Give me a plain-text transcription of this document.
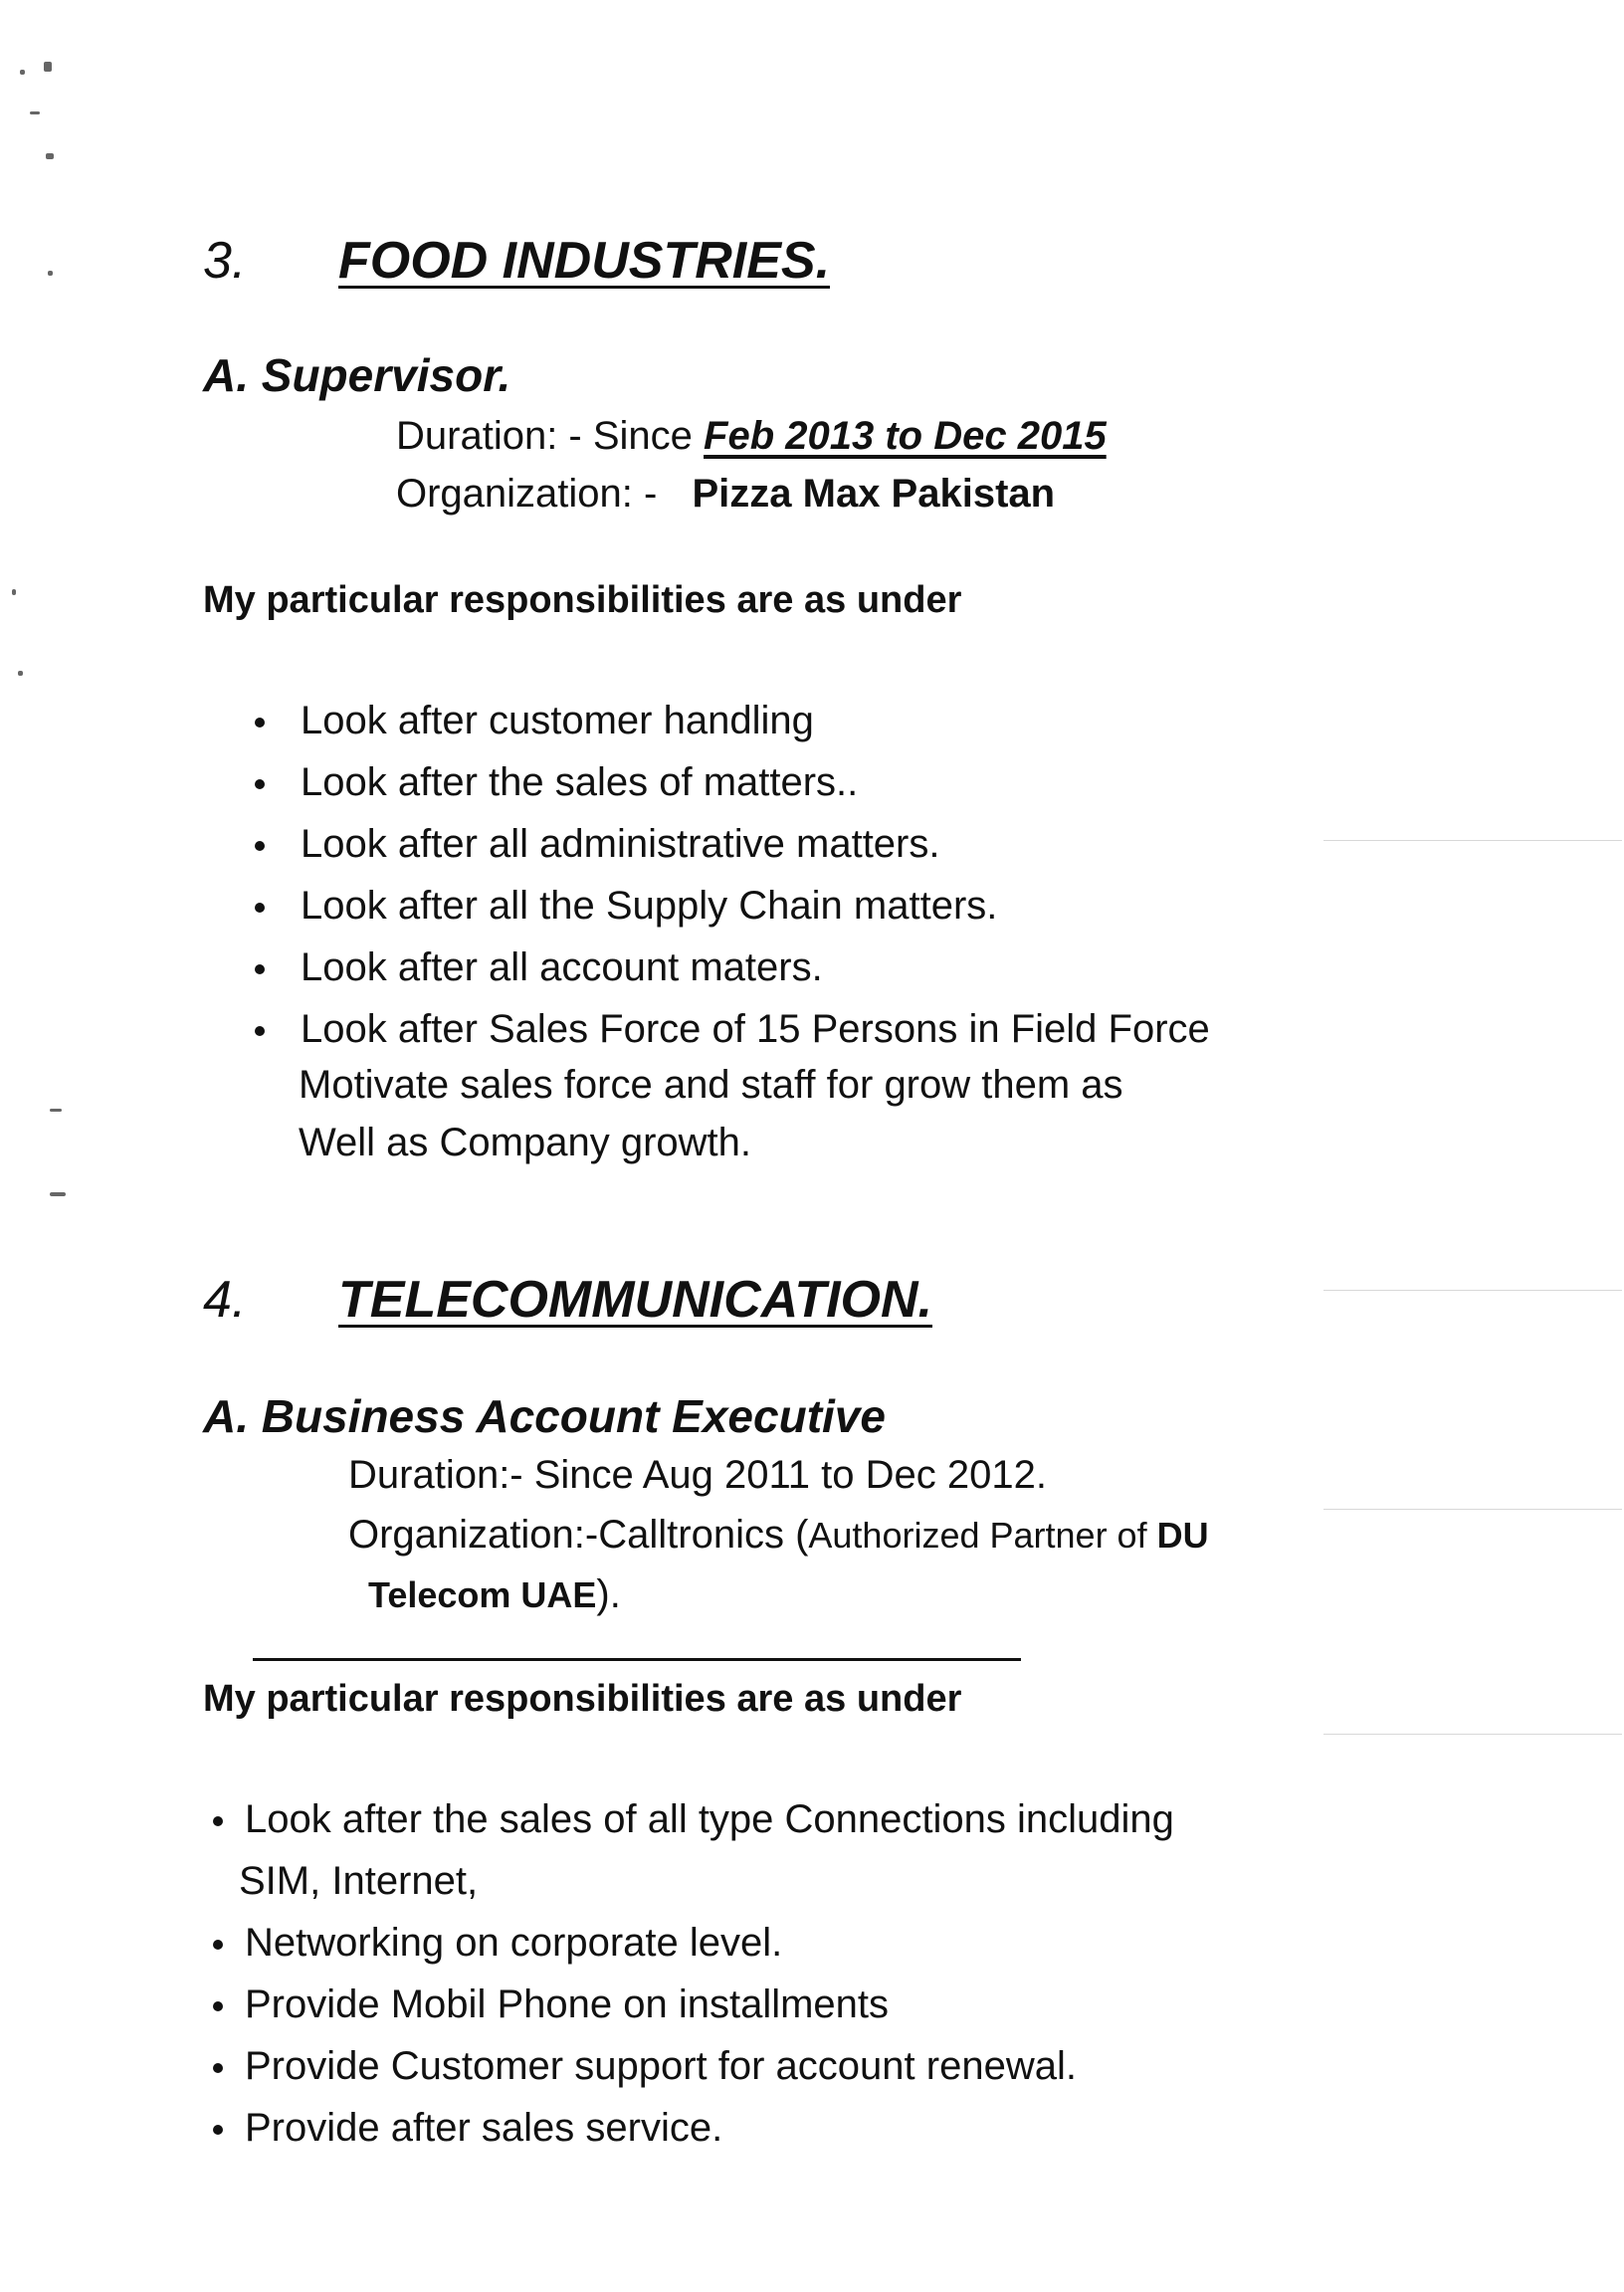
3. FOOD INDUSTRIES.
A. Supervisor.
Duration: - Since Feb 2013 to Dec 2015
Organization: - Pizza Max Pakistan
My particular responsibilities are as under
Look after customer handling
Look after the sales of matters..
Look after all administrative matters.
Look after all the Supply Chain matters.
Look after all account maters.
Look after Sales Force of 15 Persons in Field Force
Motivate sales force and staff for grow them as
Well as Company growth.
4. TELECOMMUNICATION.
A. Business Account Executive
Duration:- Since Aug 2011 to Dec 2012.
Organization:-Calltronics (Authorized Partner of DU
Telecom UAE).
My particular responsibilities are as under
Look after the sales of all type Connections including
SIM, Internet,
Networking on corporate level.
Provide Mobil Phone on installments
Provide Customer support for account renewal.
Provide after sales service.
